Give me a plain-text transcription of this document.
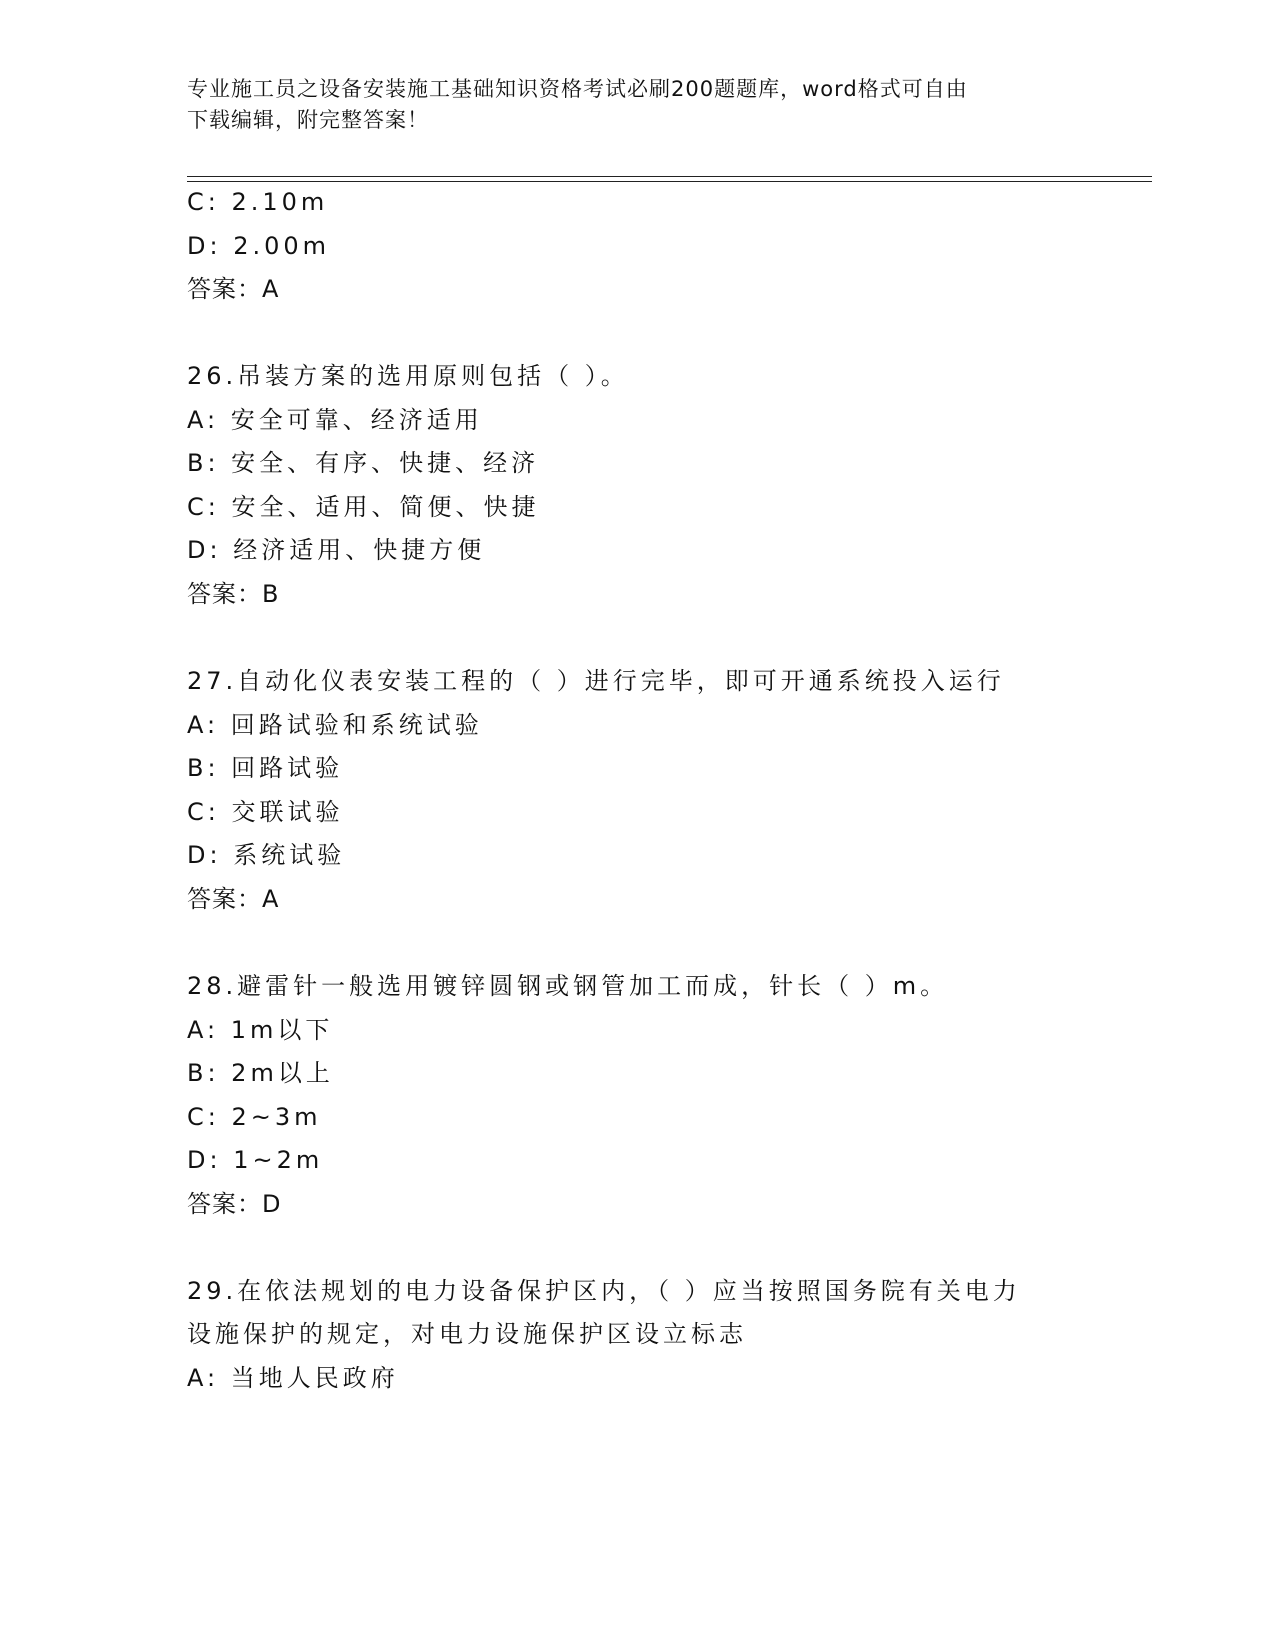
专业施工员之设备安装施工基础知识资格考试必刷200题题库，word格式可自由
下载编辑，附完整答案！

C: 2.10m

D: 2.00m

答案：A

26.吊装方案的选用原则包括（ ）。

A: 安全可靠、经济适用

B: 安全、有序、快捷、经济

C: 安全、适用、简便、快捷

D: 经济适用、快捷方便

答案：B

27.自动化仪表安装工程的（ ）进行完毕，即可开通系统投入运行

A: 回路试验和系统试验

B: 回路试验

C: 交联试验

D: 系统试验

答案：A

28.避雷针一般选用镀锌圆钢或钢管加工而成，针长（ ）m。

A: 1m以下

B: 2m以上

C: 2~3m

D: 1~2m

答案：D

29.在依法规划的电力设备保护区内，（ ）应当按照国务院有关电力

设施保护的规定，对电力设施保护区设立标志

A: 当地人民政府
